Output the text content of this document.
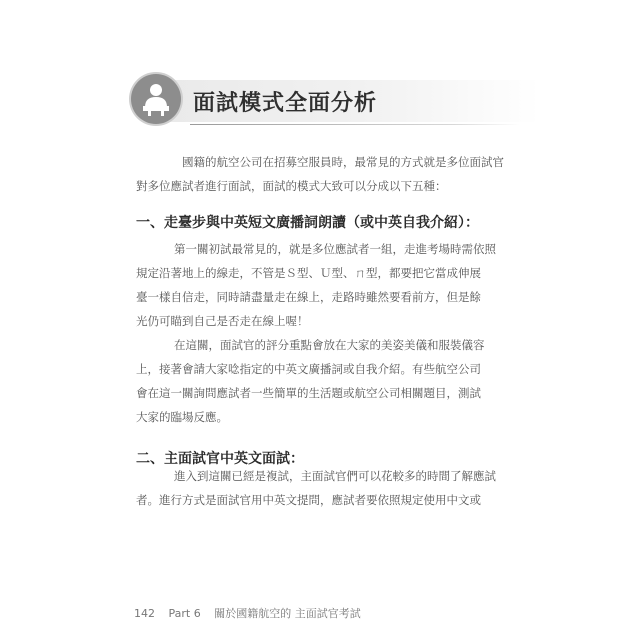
面試模式全面分析
國籍的航空公司在招募空服員時，最常見的方式就是多位面試官
對多位應試者進行面試，面試的模式大致可以分成以下五種：
一、走臺步與中英短文廣播詞朗讀（或中英自我介紹）：
第一關初試最常見的，就是多位應試者一組，走進考場時需依照
規定沿著地上的線走，不管是Ｓ型、Ｕ型、ㄇ型，都要把它當成伸展
臺一樣自信走，同時請盡量走在線上，走路時雖然要看前方，但是餘
光仍可瞄到自己是否走在線上喔！
在這關，面試官的評分重點會放在大家的美姿美儀和服裝儀容
上，接著會請大家唸指定的中英文廣播詞或自我介紹。有些航空公司
會在這一關詢問應試者一些簡單的生活題或航空公司相關題目，測試
大家的臨場反應。
二、主面試官中英文面試：
進入到這關已經是複試，主面試官們可以花較多的時間了解應試
者。進行方式是面試官用中英文提問，應試者要依照規定使用中文或
142 Part 6 關於國籍航空的 主面試官考試
